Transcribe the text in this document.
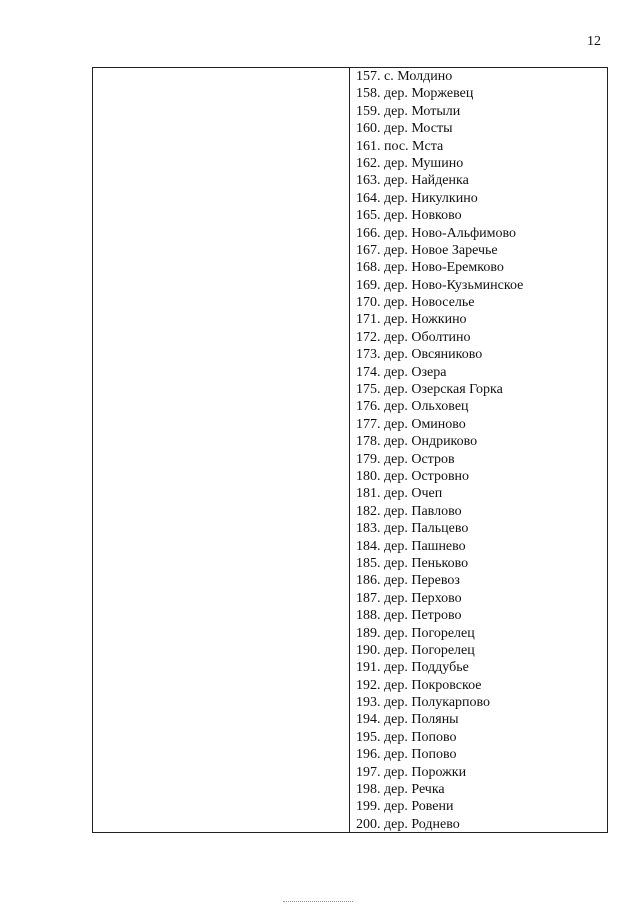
12
157. с. Молдино
158. дер. Моржевец
159. дер. Мотыли
160. дер. Мосты
161. пос. Мста
162. дер. Мушино
163. дер. Найденка
164. дер. Никулкино
165. дер. Новково
166. дер. Ново-Альфимово
167. дер. Новое Заречье
168. дер. Ново-Еремково
169. дер. Ново-Кузьминское
170. дер. Новоселье
171. дер. Ножкино
172. дер. Оболтино
173. дер. Овсяниково
174. дер. Озера
175. дер. Озерская Горка
176. дер. Ольховец
177. дер. Оминово
178. дер. Ондриково
179. дер. Остров
180. дер. Островно
181. дер. Очеп
182. дер. Павлово
183. дер. Пальцево
184. дер. Пашнево
185. дер. Пеньково
186. дер. Перевоз
187. дер. Перхово
188. дер. Петрово
189. дер. Погорелец
190. дер. Погорелец
191. дер. Поддубье
192. дер. Покровское
193. дер. Полукарпово
194. дер. Поляны
195. дер. Попово
196. дер. Попово
197. дер. Порожки
198. дер. Речка
199. дер. Ровени
200. дер. Роднево
